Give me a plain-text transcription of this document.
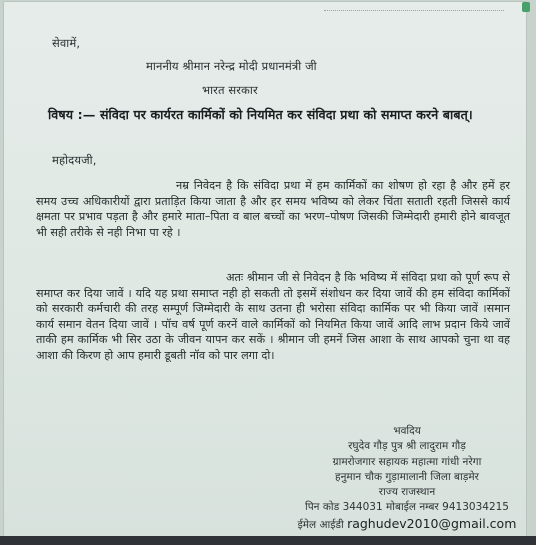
सेवामें,
माननीय श्रीमान नरेन्द्र मोदी प्रधानमंत्री जी
भारत सरकार
विषय :— संविदा पर कार्यरत कार्मिकों को नियमित कर संविदा प्रथा को समाप्त करने बाबत्।
महोदयजी,
नम्र निवेदन है कि संविदा प्रथा में हम कार्मिकों का शोषण हो रहा है और हमें हर समय उच्च अधिकारीयों द्वारा प्रताड़ित किया जाता है और हर समय भविष्य को लेकर चिंता सताती रहती जिससे कार्य क्षमता पर प्रभाव पड़ता है और हमारे माता–पिता व बाल बच्चों का भरण–पोषण जिसकी जिम्मेदारी हमारी होने बावजूत भी सही तरीके से नही निभा पा रहे ।
अतः श्रीमान जी से निवेदन है कि भविष्य में संविदा प्रथा को पूर्ण रूप से समाप्त कर दिया जावें । यदि यह प्रथा समाप्त नही हो सकती तो इसमें संशोधन कर दिया जावें की हम संविदा कार्मिकों को सरकारी कर्मचारी की तरह सम्पूर्ण जिम्मेदारी के साथ उतना ही भरोसा संविदा कार्मिक पर भी किया जावें ।समान कार्य समान वेतन दिया जावें । पॉच वर्ष पूर्ण करनें वाले कार्मिकों को नियमित किया जावें आदि लाभ प्रदान किये जावें ताकी हम कार्मिक भी सिर उठा के जीवन यापन कर सकें । श्रीमान जी हमनें जिस आशा के साथ आपको चुना था वह आशा की किरण हो आप हमारी डूबती नॉव को पार लगा दो।
भवदिय
रघुदेव गौड़ पुत्र श्री लादुराम गौड़
ग्रामरोजगार सहायक महात्मा गांधी नरेगा
हनुमान चौक गुड़ामालानी जिला बाड़मेर
राज्य राजस्थान
पिन कोड 344031 मोबाईल नम्बर 9413034215
ईमेल आईडी raghudev2010@gmail.com
